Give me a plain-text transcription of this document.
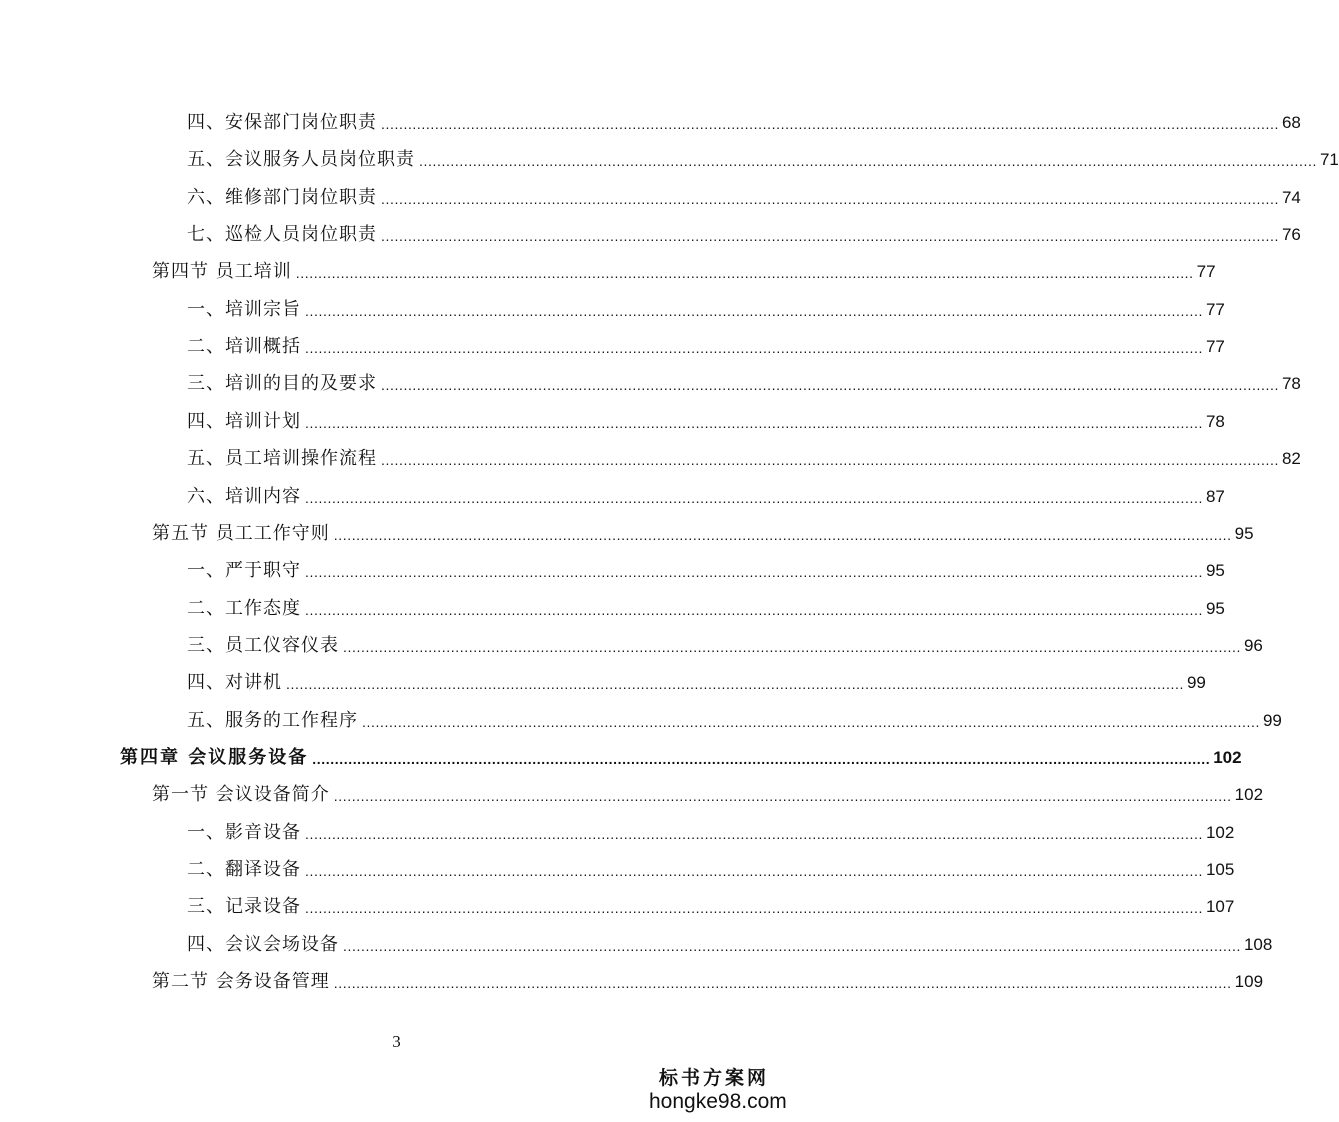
四、安保部门岗位职责 ........................................................................................................................................................................................................ 68
五、会议服务人员岗位职责 ........................................................................................................................................................................................................ 71
六、维修部门岗位职责 ........................................................................................................................................................................................................ 74
七、巡检人员岗位职责 ........................................................................................................................................................................................................ 76
第四节 员工培训 ........................................................................................................................................................................................................ 77
一、培训宗旨 ........................................................................................................................................................................................................ 77
二、培训概括 ........................................................................................................................................................................................................ 77
三、培训的目的及要求 ........................................................................................................................................................................................................ 78
四、培训计划 ........................................................................................................................................................................................................ 78
五、员工培训操作流程 ........................................................................................................................................................................................................ 82
六、培训内容 ........................................................................................................................................................................................................ 87
第五节 员工工作守则 ........................................................................................................................................................................................................ 95
一、严于职守 ........................................................................................................................................................................................................ 95
二、工作态度 ........................................................................................................................................................................................................ 95
三、员工仪容仪表 ........................................................................................................................................................................................................ 96
四、对讲机 ........................................................................................................................................................................................................ 99
五、服务的工作程序 ........................................................................................................................................................................................................ 99
第四章 会议服务设备 ........................................................................................................................................................................................................ 102
第一节 会议设备简介 ........................................................................................................................................................................................................ 102
一、影音设备 ........................................................................................................................................................................................................ 102
二、翻译设备 ........................................................................................................................................................................................................ 105
三、记录设备 ........................................................................................................................................................................................................ 107
四、会议会场设备 ........................................................................................................................................................................................................ 108
第二节 会务设备管理 ........................................................................................................................................................................................................ 109
3
标书方案网
hongke98.com
